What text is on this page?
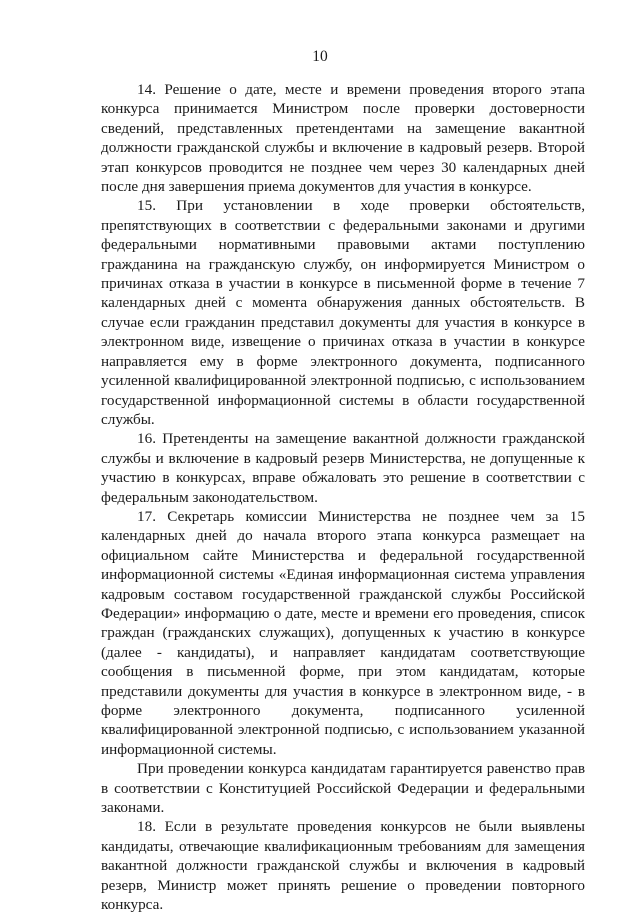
10

14. Решение о дате, месте и времени проведения второго этапа конкурса принимается Министром после проверки достоверности сведений, представленных претендентами на замещение вакантной должности гражданской службы и включение в кадровый резерв. Второй этап конкурсов проводится не позднее чем через 30 календарных дней после дня завершения приема документов для участия в конкурсе.

15. При установлении в ходе проверки обстоятельств, препятствующих в соответствии с федеральными законами и другими федеральными нормативными правовыми актами поступлению гражданина на гражданскую службу, он информируется Министром о причинах отказа в участии в конкурсе в письменной форме в течение 7 календарных дней с момента обнаружения данных обстоятельств. В случае если гражданин представил документы для участия в конкурсе в электронном виде, извещение о причинах отказа в участии в конкурсе направляется ему в форме электронного документа, подписанного усиленной квалифицированной электронной подписью, с использованием государственной информационной системы в области государственной службы.

16. Претенденты на замещение вакантной должности гражданской службы и включение в кадровый резерв Министерства, не допущенные к участию в конкурсах, вправе обжаловать это решение в соответствии с федеральным законодательством.

17. Секретарь комиссии Министерства не позднее чем за 15 календарных дней до начала второго этапа конкурса размещает на официальном сайте Министерства и федеральной государственной информационной системы «Единая информационная система управления кадровым составом государственной гражданской службы Российской Федерации» информацию о дате, месте и времени его проведения, список граждан (гражданских служащих), допущенных к участию в конкурсе (далее - кандидаты), и направляет кандидатам соответствующие сообщения в письменной форме, при этом кандидатам, которые представили документы для участия в конкурсе в электронном виде, - в форме электронного документа, подписанного усиленной квалифицированной электронной подписью, с использованием указанной информационной системы.

При проведении конкурса кандидатам гарантируется равенство прав в соответствии с Конституцией Российской Федерации и федеральными законами.

18. Если в результате проведения конкурсов не были выявлены кандидаты, отвечающие квалификационным требованиям для замещения вакантной должности гражданской службы и включения в кадровый резерв, Министр может принять решение о проведении повторного конкурса.
